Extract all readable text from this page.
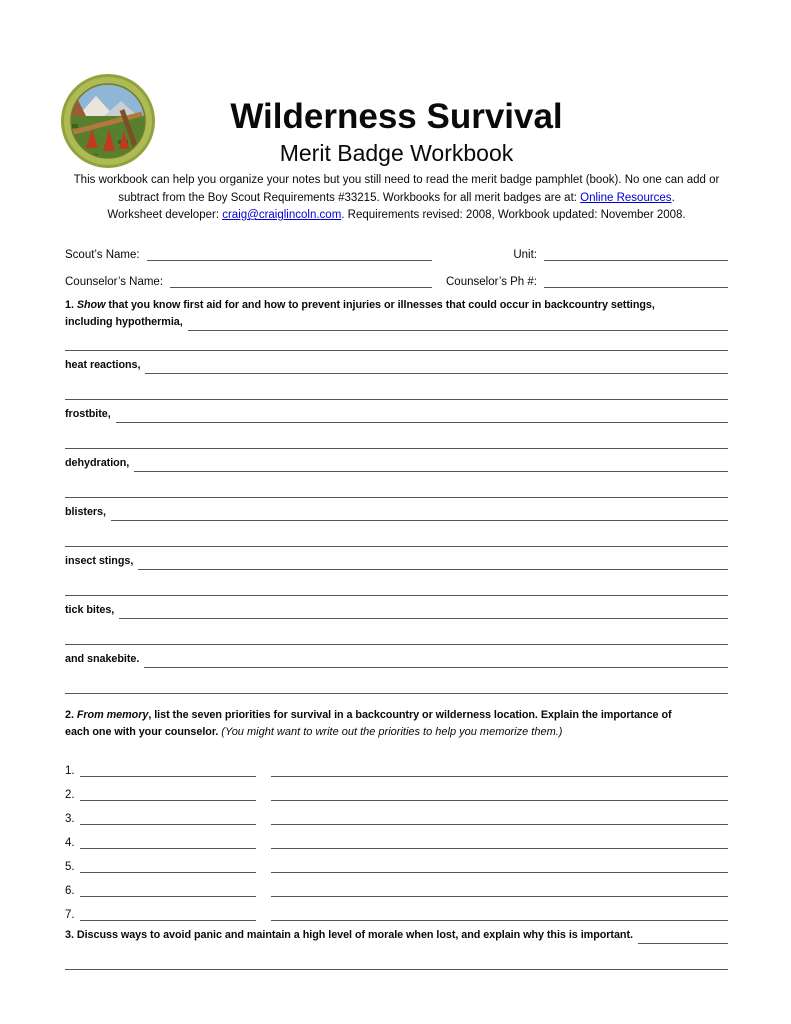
Wilderness Survival
Merit Badge Workbook
This workbook can help you organize your notes but you still need to read the merit badge pamphlet (book). No one can add or
subtract from the Boy Scout Requirements #33215. Workbooks for all merit badges are at: Online Resources.
Worksheet developer: craig@craiglincoln.com. Requirements revised: 2008, Workbook updated: November 2008.
Scout’s Name:	Unit:
Counselor’s Name:	Counselor’s Ph #:
1. Show that you know first aid for and how to prevent injuries or illnesses that could occur in backcountry settings,
including hypothermia,
heat reactions,
frostbite,
dehydration,
blisters,
insect stings,
tick bites,
and snakebite.
2. From memory, list the seven priorities for survival in a backcountry or wilderness location. Explain the importance of
each one with your counselor. (You might want to write out the priorities to help you memorize them.)
1.
2.
3.
4.
5.
6.
7.
3. Discuss ways to avoid panic and maintain a high level of morale when lost, and explain why this is important.
